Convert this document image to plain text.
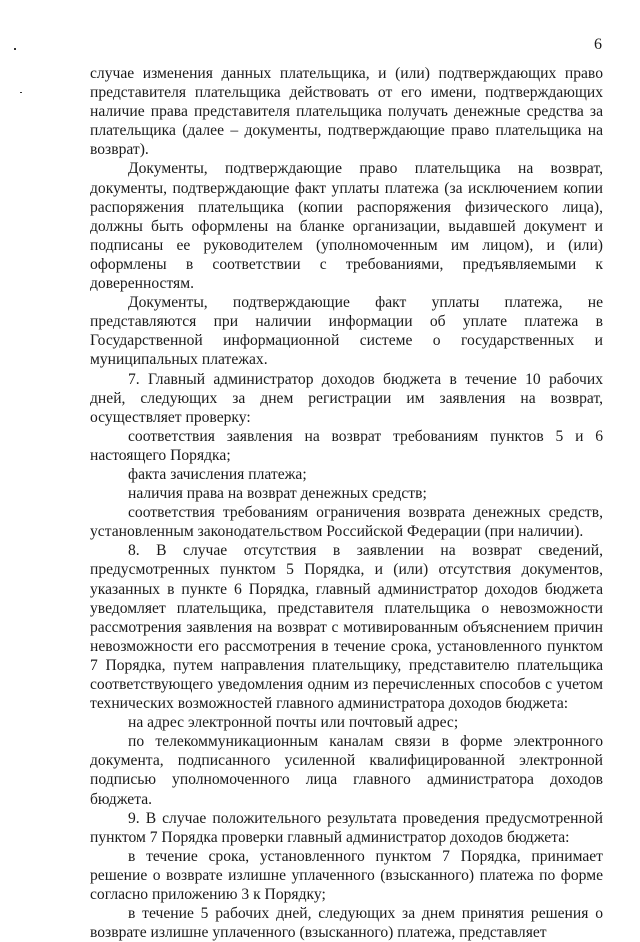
6

случае изменения данных плательщика, и (или) подтверждающих право представителя плательщика действовать от его имени, подтверждающих наличие права представителя плательщика получать денежные средства за плательщика (далее – документы, подтверждающие право плательщика на возврат).

Документы, подтверждающие право плательщика на возврат, документы, подтверждающие факт уплаты платежа (за исключением копии распоряжения плательщика (копии распоряжения физического лица), должны быть оформлены на бланке организации, выдавшей документ и подписаны ее руководителем (уполномоченным им лицом), и (или) оформлены в соответствии с требованиями, предъявляемыми к доверенностям.

Документы, подтверждающие факт уплаты платежа, не представляются при наличии информации об уплате платежа в Государственной информационной системе о государственных и муниципальных платежах.

7. Главный администратор доходов бюджета в течение 10 рабочих дней, следующих за днем регистрации им заявления на возврат, осуществляет проверку:

соответствия заявления на возврат требованиям пунктов 5 и 6 настоящего Порядка;

факта зачисления платежа;

наличия права на возврат денежных средств;

соответствия требованиям ограничения возврата денежных средств, установленным законодательством Российской Федерации (при наличии).

8. В случае отсутствия в заявлении на возврат сведений, предусмотренных пунктом 5 Порядка, и (или) отсутствия документов, указанных в пункте 6 Порядка, главный администратор доходов бюджета уведомляет плательщика, представителя плательщика о невозможности рассмотрения заявления на возврат с мотивированным объяснением причин невозможности его рассмотрения в течение срока, установленного пунктом 7 Порядка, путем направления плательщику, представителю плательщика соответствующего уведомления одним из перечисленных способов с учетом технических возможностей главного администратора доходов бюджета:

на адрес электронной почты или почтовый адрес;

по телекоммуникационным каналам связи в форме электронного документа, подписанного усиленной квалифицированной электронной подписью уполномоченного лица главного администратора доходов бюджета.

9. В случае положительного результата проведения предусмотренной пунктом 7 Порядка проверки главный администратор доходов бюджета:

в течение срока, установленного пунктом 7 Порядка, принимает решение о возврате излишне уплаченного (взысканного) платежа по форме согласно приложению 3 к Порядку;

в течение 5 рабочих дней, следующих за днем принятия решения о возврате излишне уплаченного (взысканного) платежа, представляет
